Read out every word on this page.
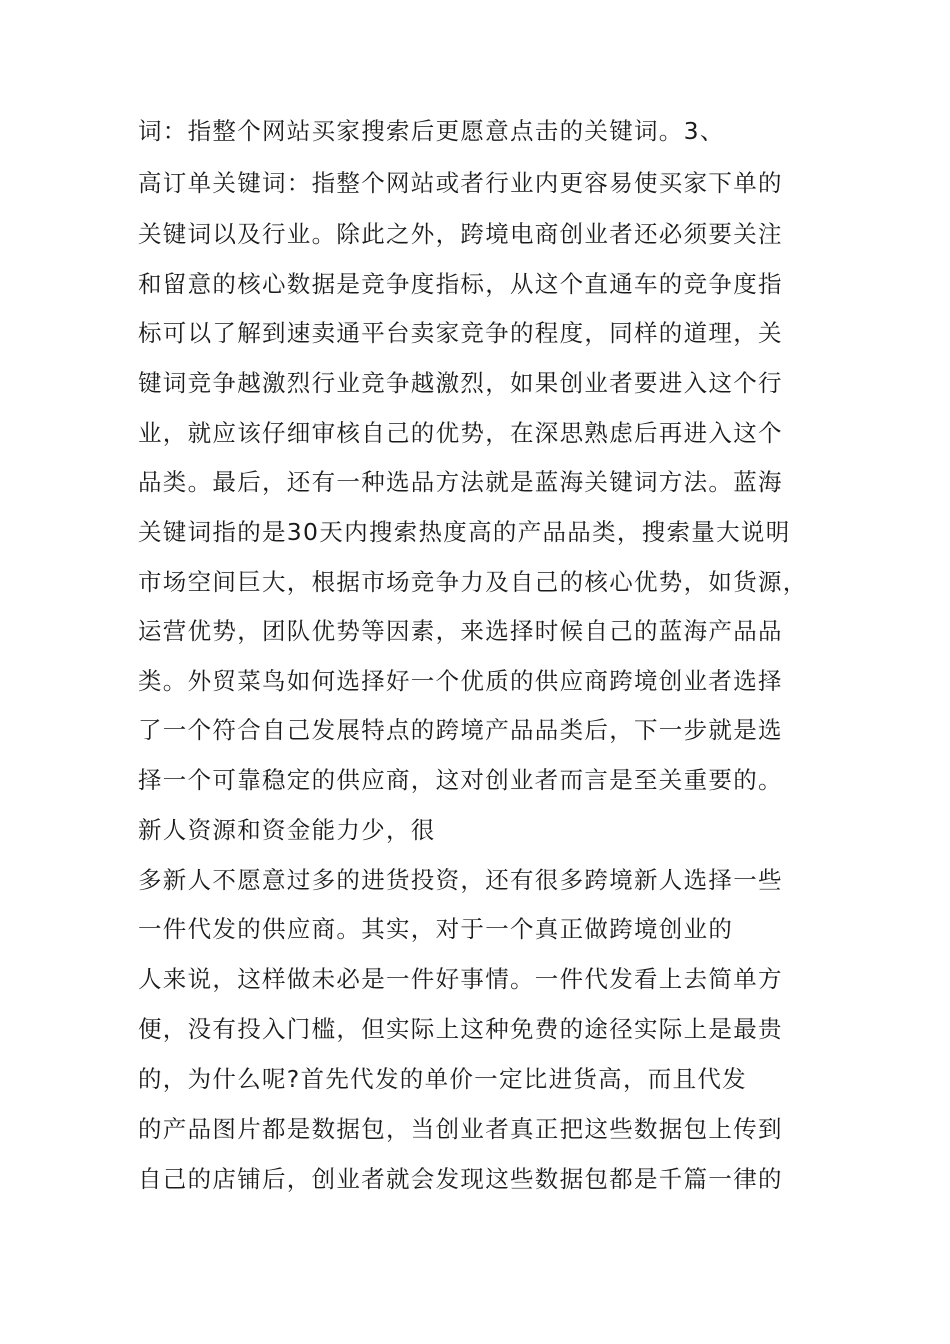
词：指整个网站买家搜索后更愿意点击的关键词。3、

高订单关键词：指整个网站或者行业内更容易使买家下单的

关键词以及行业。除此之外，跨境电商创业者还必须要关注

和留意的核心数据是竞争度指标，从这个直通车的竞争度指

标可以了解到速卖通平台卖家竞争的程度，同样的道理，关

键词竞争越激烈行业竞争越激烈，如果创业者要进入这个行

业，就应该仔细审核自己的优势，在深思熟虑后再进入这个

品类。最后，还有一种选品方法就是蓝海关键词方法。蓝海

关键词指的是30天内搜索热度高的产品品类，搜索量大说明

市场空间巨大，根据市场竞争力及自己的核心优势，如货源，

运营优势，团队优势等因素，来选择时候自己的蓝海产品品

类。外贸菜鸟如何选择好一个优质的供应商跨境创业者选择

了一个符合自己发展特点的跨境产品品类后，下一步就是选

择一个可靠稳定的供应商，这对创业者而言是至关重要的。

新人资源和资金能力少，很

多新人不愿意过多的进货投资，还有很多跨境新人选择一些

一件代发的供应商。其实，对于一个真正做跨境创业的

人来说，这样做未必是一件好事情。一件代发看上去简单方

便，没有投入门槛，但实际上这种免费的途径实际上是最贵

的，为什么呢?首先代发的单价一定比进货高，而且代发

的产品图片都是数据包，当创业者真正把这些数据包上传到

自己的店铺后，创业者就会发现这些数据包都是千篇一律的
